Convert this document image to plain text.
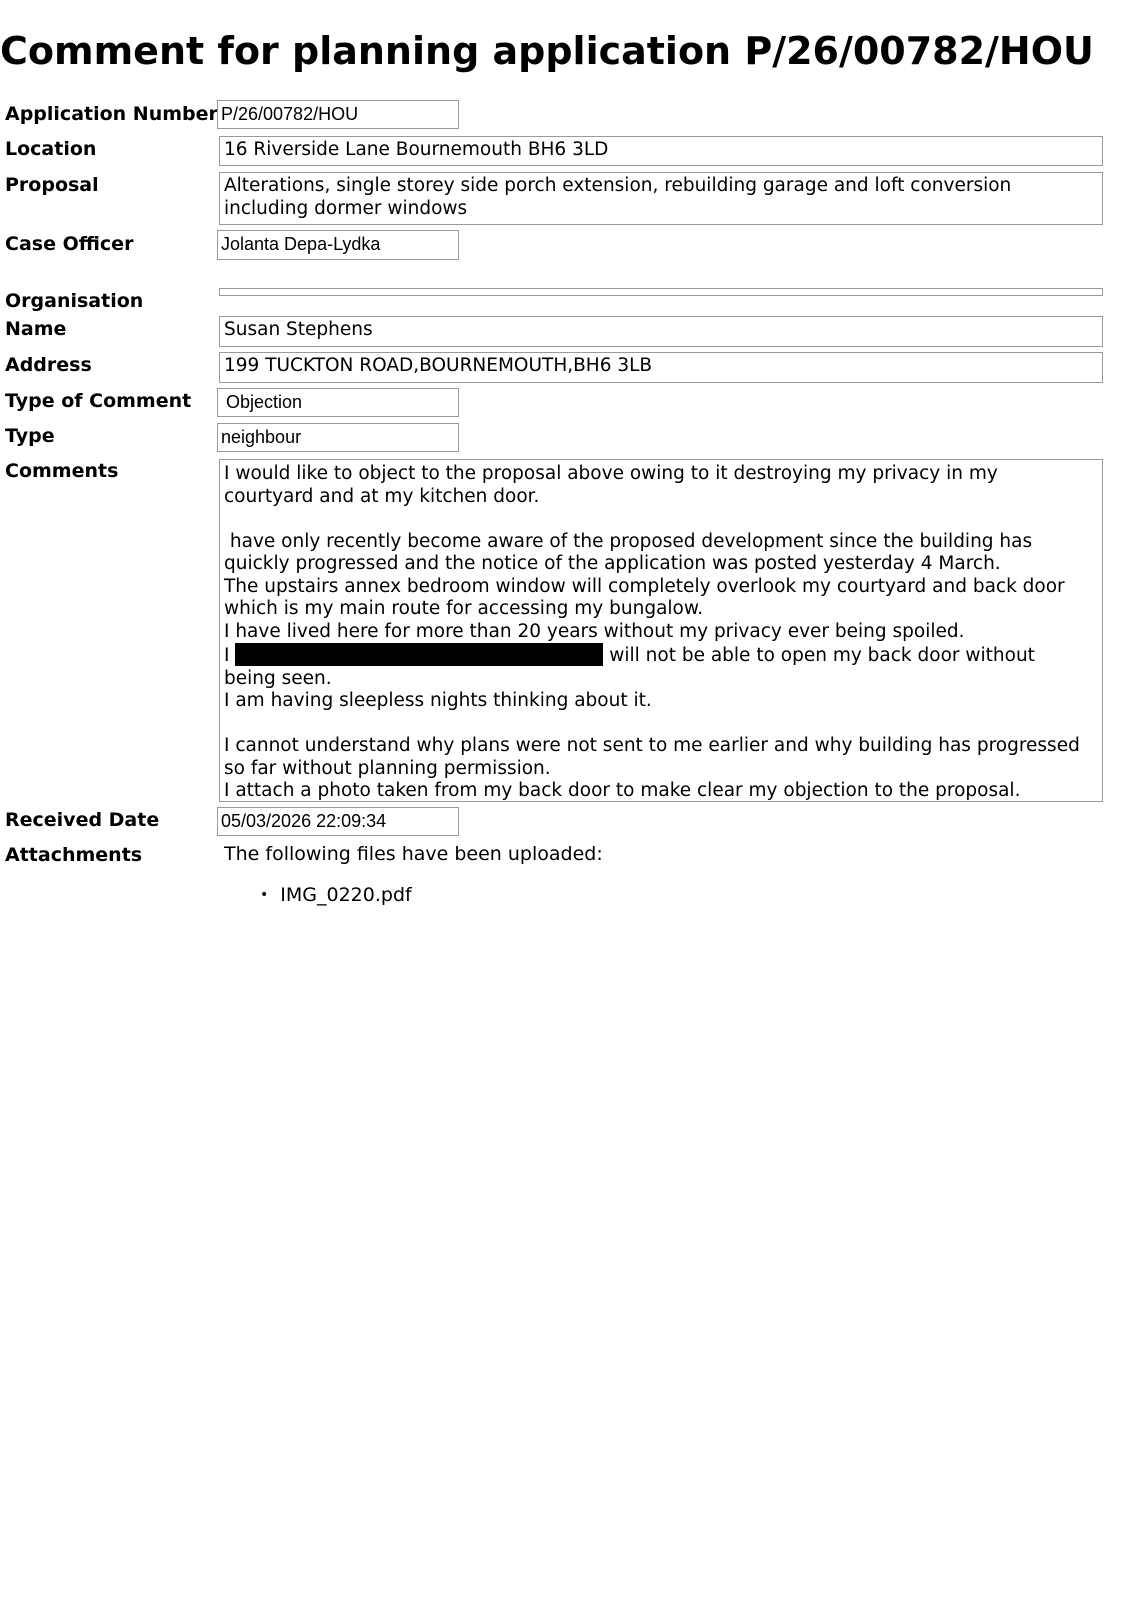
Comment for planning application P/26/00782/HOU
Application Number P/26/00782/HOU
Location	16 Riverside Lane Bournemouth BH6 3LD
Proposal	Alterations, single storey side porch extension, rebuilding garage and loft conversion including dormer windows
Case Officer	Jolanta Depa-Lydka
Organisation
Name	Susan Stephens
Address	199 TUCKTON ROAD,BOURNEMOUTH,BH6 3LB
Type of Comment	Objection
Type	neighbour
Comments	I would like to object to the proposal above owing to it destroying my privacy in my
courtyard and at my kitchen door.

have only recently become aware of the proposed development since the building has
quickly progressed and the notice of the application was posted yesterday 4 March.
The upstairs annex bedroom window will completely overlook my courtyard and back door
which is my main route for accessing my bungalow.
I have lived here for more than 20 years without my privacy ever being spoiled.
I	will not be able to open my back door without
being seen.
I am having sleepless nights thinking about it.

I cannot understand why plans were not sent to me earlier and why building has progressed
so far without planning permission.
I attach a photo taken from my back door to make clear my objection to the proposal.
Received Date	05/03/2026 22:09:34
Attachments	The following files have been uploaded:
• IMG_0220.pdf
